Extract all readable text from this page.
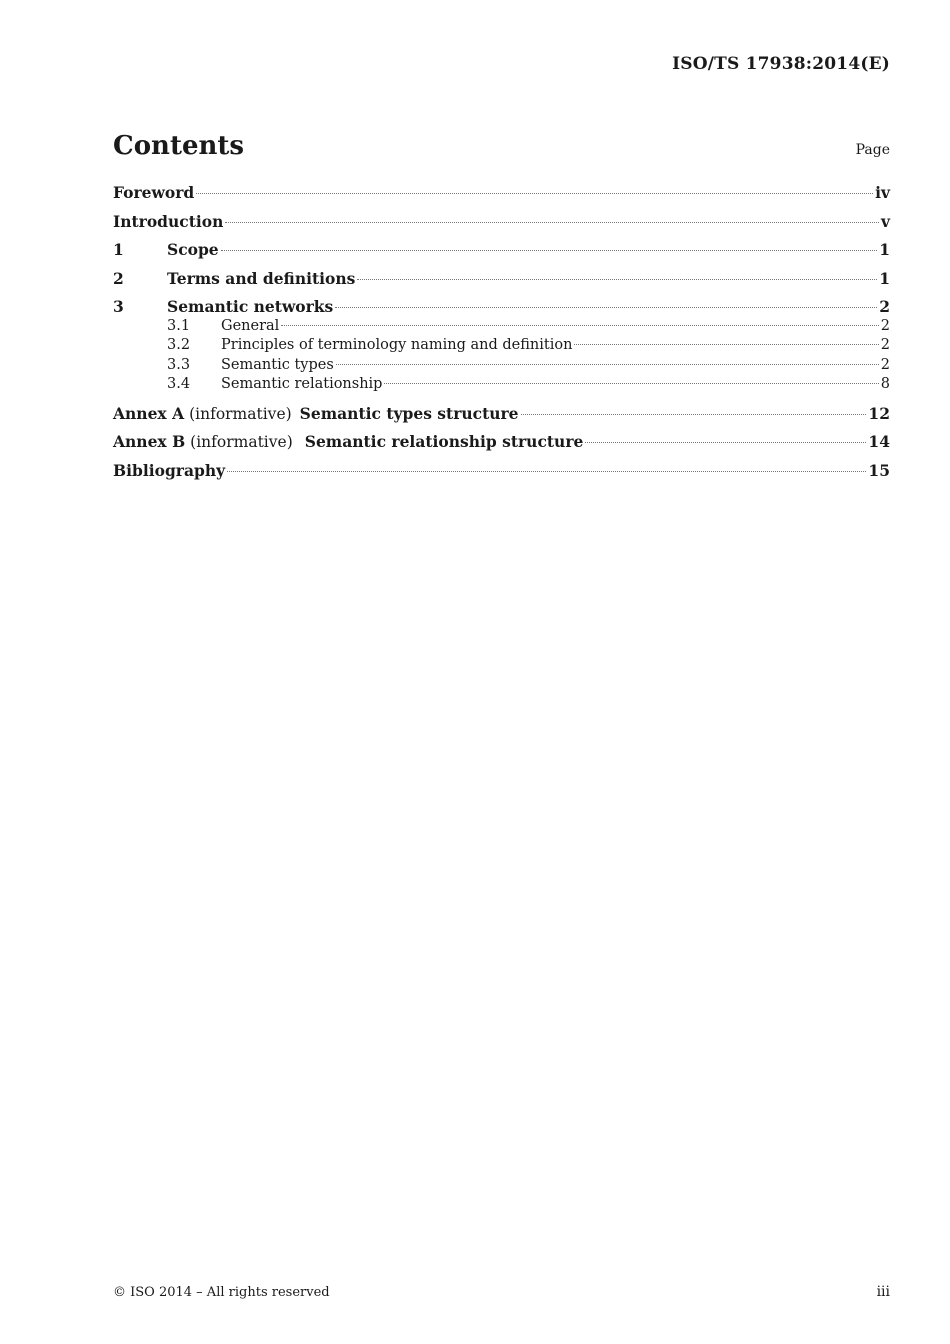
ISO/TS 17938:2014(E)
Contents	Page
Foreword	iv
Introduction	v
1	Scope	1
2	Terms and definitions	1
3	Semantic networks	2
3.1	General	2
3.2	Principles of terminology naming and definition	2
3.3	Semantic types	2
3.4	Semantic relationship	8
Annex A (informative) Semantic types structure	12
Annex B (informative) Semantic relationship structure	14
Bibliography	15
© ISO 2014 – All rights reserved	iii
